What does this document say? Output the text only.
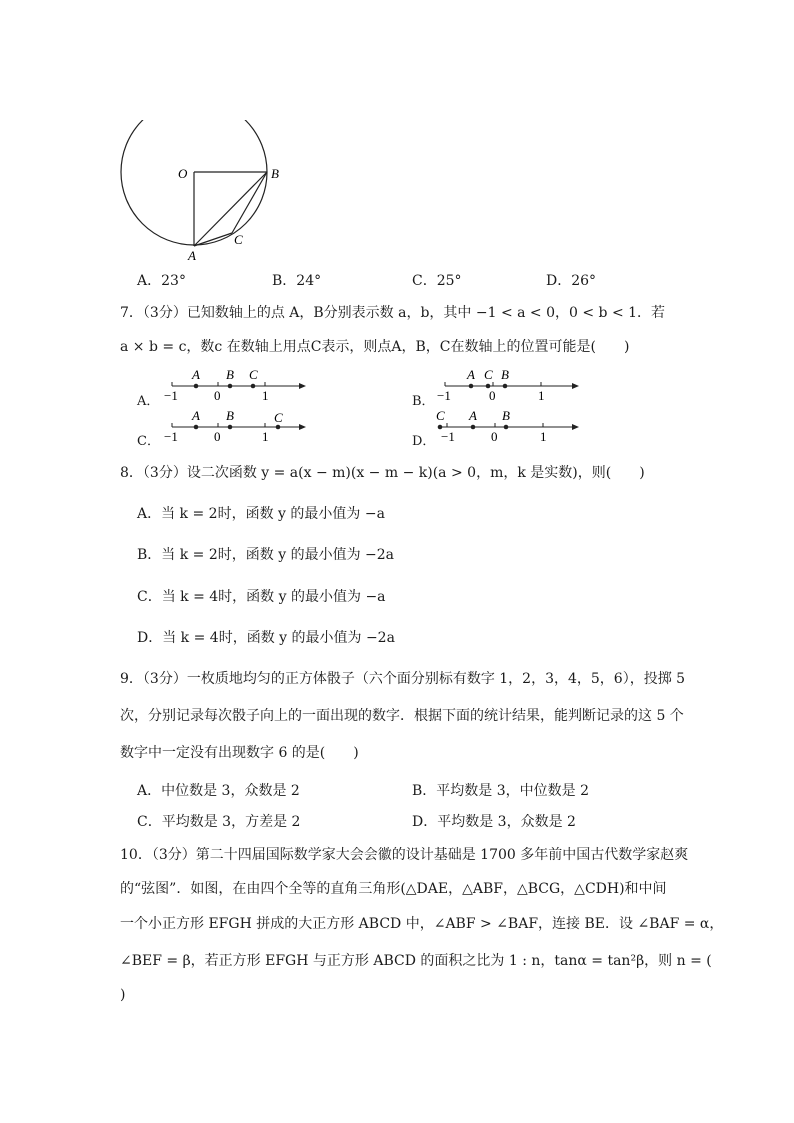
O	B
C
A
A．23°	B．24°	C．25°	D．26°
7．（3分）已知数轴上的点 A，B分别表示数 a，b，其中 −1 < a < 0，0 < b < 1．若
a × b = c，数c 在数轴上用点C表示，则点A，B，C在数轴上的位置可能是(　　)
A．
A B C
−1	0	1	B．
A C B
−1	0	1
C．
A B	C
−1	0	1	D．
C A B
−1	0	1
8．（3分）设二次函数 y = a(x − m)(x − m − k)(a > 0，m，k 是实数)，则(　　)
A．当 k = 2时，函数 y 的最小值为 −a
B．当 k = 2时，函数 y 的最小值为 −2a
C．当 k = 4时，函数 y 的最小值为 −a
D．当 k = 4时，函数 y 的最小值为 −2a
9．（3分）一枚质地均匀的正方体骰子（六个面分别标有数字 1，2，3，4，5，6），投掷 5
次，分别记录每次骰子向上的一面出现的数字．根据下面的统计结果，能判断记录的这 5 个
数字中一定没有出现数字 6 的是(　　)
A．中位数是 3，众数是 2	B．平均数是 3，中位数是 2
C．平均数是 3，方差是 2	D．平均数是 3，众数是 2
10．（3分）第二十四届国际数学家大会会徽的设计基础是 1700 多年前中国古代数学家赵爽
的“弦图”．如图，在由四个全等的直角三角形(△DAE，△ABF，△BCG，△CDH)和中间
一个小正方形 EFGH 拼成的大正方形 ABCD 中，∠ABF > ∠BAF，连接 BE．设 ∠BAF = α，
∠BEF = β，若正方形 EFGH 与正方形 ABCD 的面积之比为 1 : n，tanα = tan²β，则 n = (
)
